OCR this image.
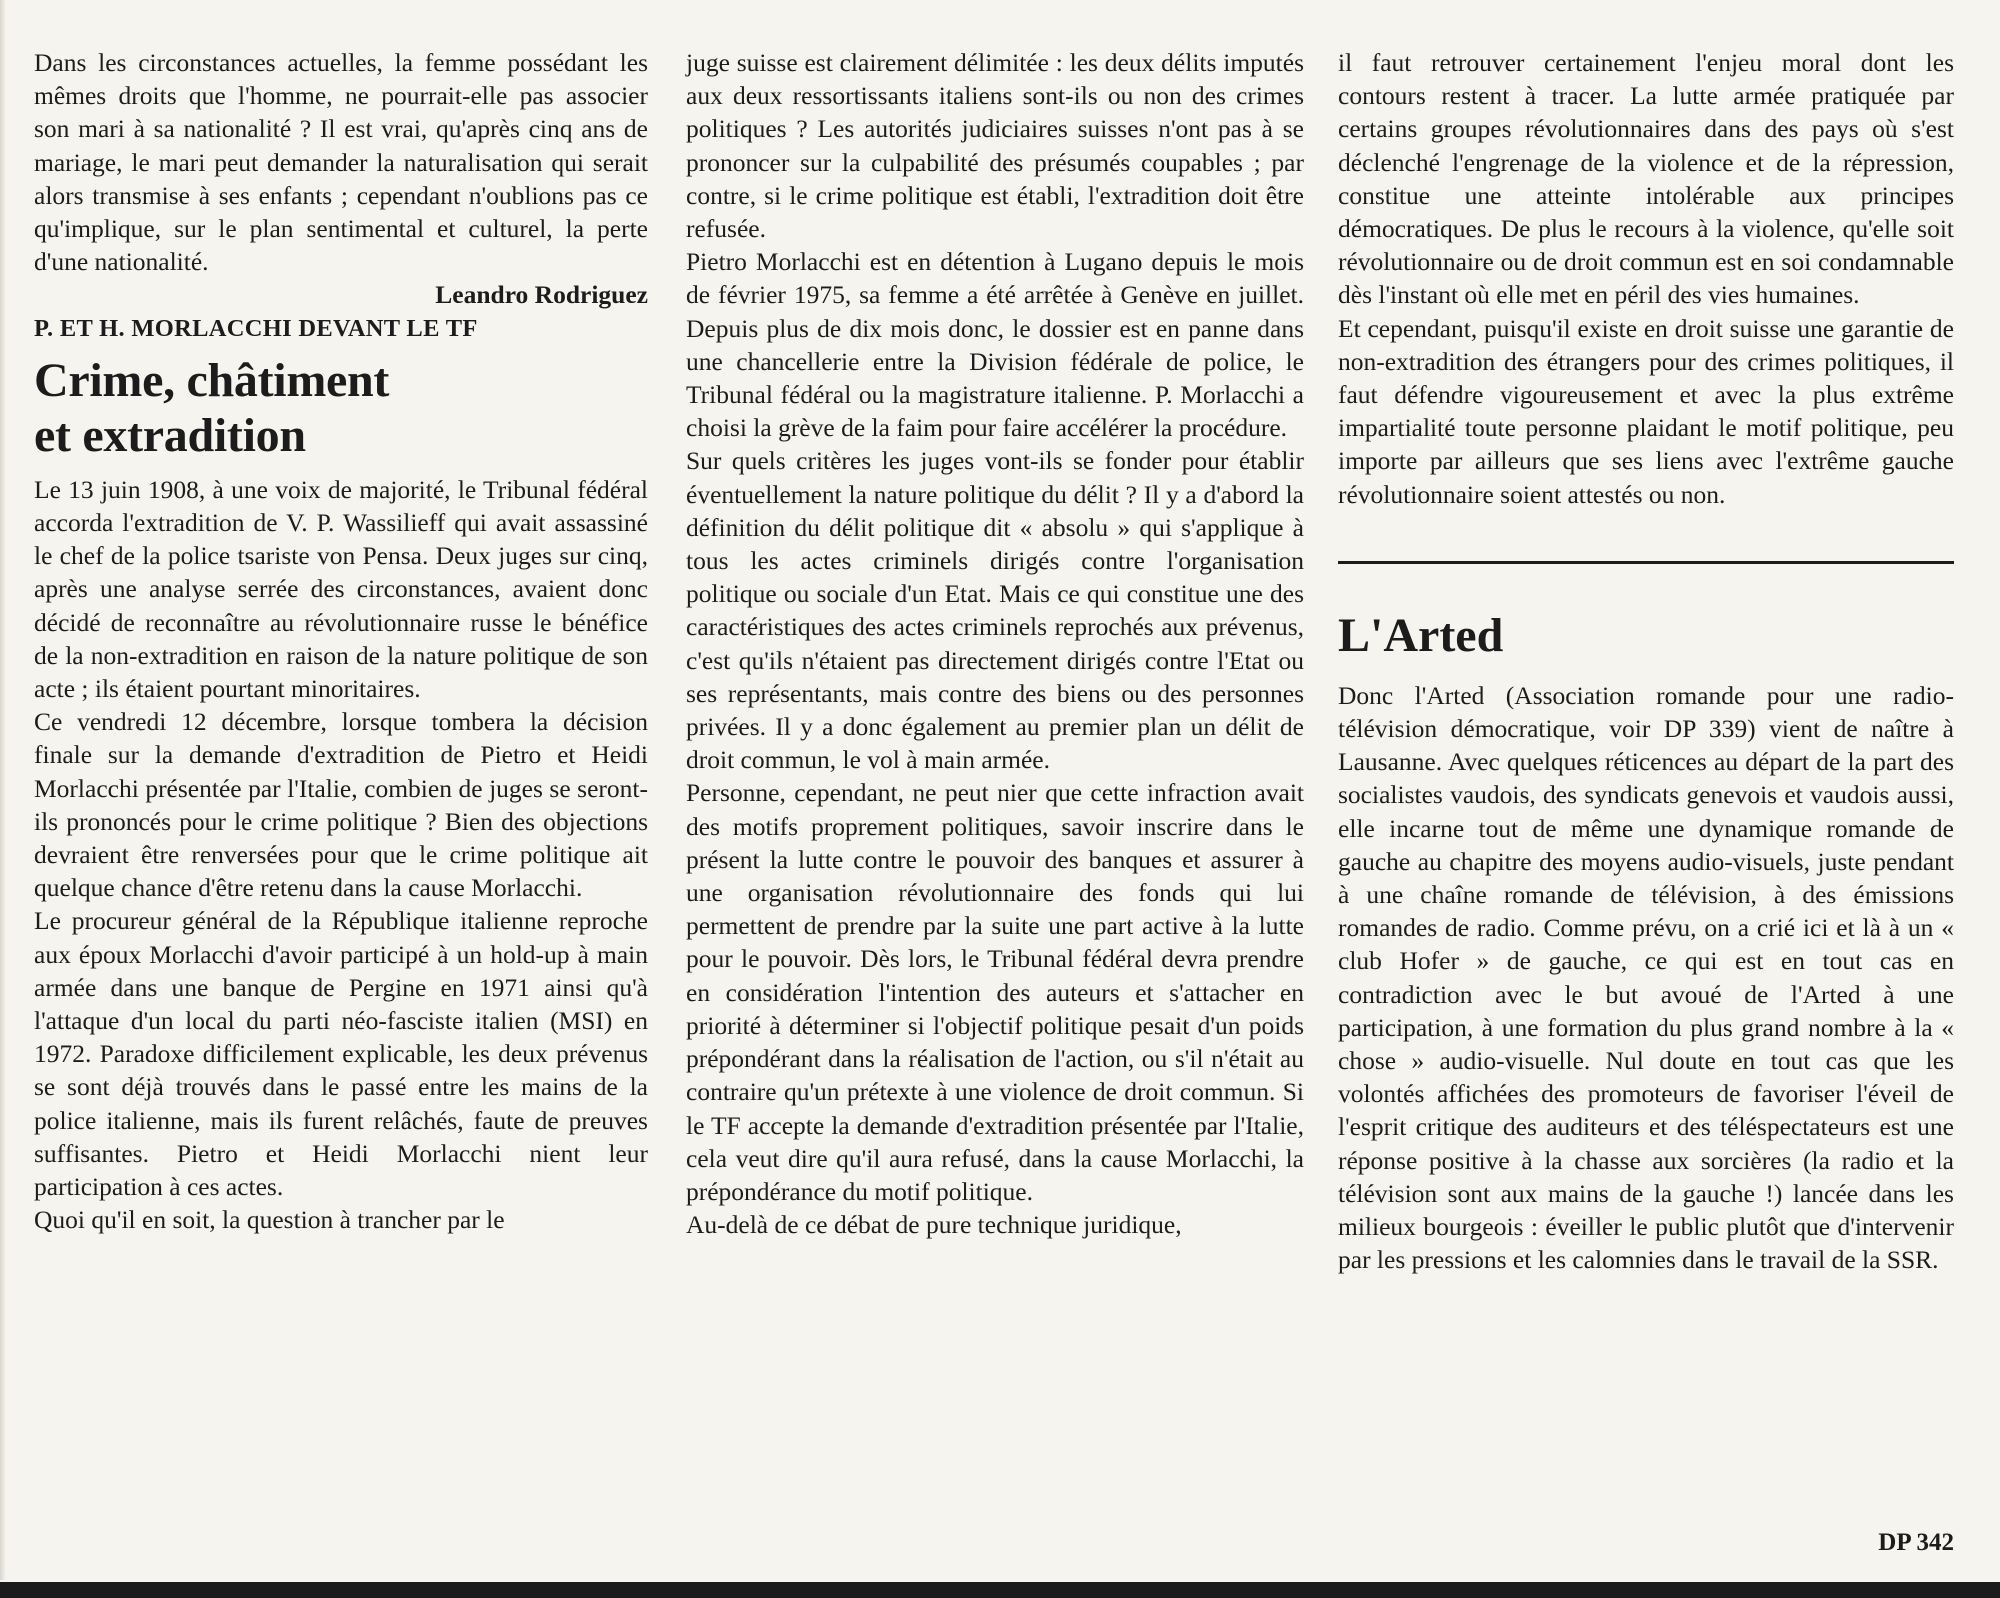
Dans les circonstances actuelles, la femme possédant les mêmes droits que l'homme, ne pourrait-elle pas associer son mari à sa nationalité ? Il est vrai, qu'après cinq ans de mariage, le mari peut demander la naturalisation qui serait alors transmise à ses enfants ; cependant n'oublions pas ce qu'implique, sur le plan sentimental et culturel, la perte d'une nationalité.

Leandro Rodriguez

P. ET H. MORLACCHI DEVANT LE TF

Crime, châtiment
et extradition

Le 13 juin 1908, à une voix de majorité, le Tribunal fédéral accorda l'extradition de V. P. Wassilieff qui avait assassiné le chef de la police tsariste von Pensa. Deux juges sur cinq, après une analyse serrée des circonstances, avaient donc décidé de reconnaître au révolutionnaire russe le bénéfice de la non-extradition en raison de la nature politique de son acte ; ils étaient pourtant minoritaires.

Ce vendredi 12 décembre, lorsque tombera la décision finale sur la demande d'extradition de Pietro et Heidi Morlacchi présentée par l'Italie, combien de juges se seront-ils prononcés pour le crime politique ? Bien des objections devraient être renversées pour que le crime politique ait quelque chance d'être retenu dans la cause Morlacchi.

Le procureur général de la République italienne reproche aux époux Morlacchi d'avoir participé à un hold-up à main armée dans une banque de Pergine en 1971 ainsi qu'à l'attaque d'un local du parti néo-fasciste italien (MSI) en 1972. Paradoxe difficilement explicable, les deux prévenus se sont déjà trouvés dans le passé entre les mains de la police italienne, mais ils furent relâchés, faute de preuves suffisantes. Pietro et Heidi Morlacchi nient leur participation à ces actes.

Quoi qu'il en soit, la question à trancher par le

juge suisse est clairement délimitée : les deux délits imputés aux deux ressortissants italiens sont-ils ou non des crimes politiques ? Les autorités judiciaires suisses n'ont pas à se prononcer sur la culpabilité des présumés coupables ; par contre, si le crime politique est établi, l'extradition doit être refusée.

Pietro Morlacchi est en détention à Lugano depuis le mois de février 1975, sa femme a été arrêtée à Genève en juillet. Depuis plus de dix mois donc, le dossier est en panne dans une chancellerie entre la Division fédérale de police, le Tribunal fédéral ou la magistrature italienne. P. Morlacchi a choisi la grève de la faim pour faire accélérer la procédure.

Sur quels critères les juges vont-ils se fonder pour établir éventuellement la nature politique du délit ? Il y a d'abord la définition du délit politique dit « absolu » qui s'applique à tous les actes criminels dirigés contre l'organisation politique ou sociale d'un Etat. Mais ce qui constitue une des caractéristiques des actes criminels reprochés aux prévenus, c'est qu'ils n'étaient pas directement dirigés contre l'Etat ou ses représentants, mais contre des biens ou des personnes privées. Il y a donc également au premier plan un délit de droit commun, le vol à main armée.

Personne, cependant, ne peut nier que cette infraction avait des motifs proprement politiques, savoir inscrire dans le présent la lutte contre le pouvoir des banques et assurer à une organisation révolutionnaire des fonds qui lui permettent de prendre par la suite une part active à la lutte pour le pouvoir. Dès lors, le Tribunal fédéral devra prendre en considération l'intention des auteurs et s'attacher en priorité à déterminer si l'objectif politique pesait d'un poids prépondérant dans la réalisation de l'action, ou s'il n'était au contraire qu'un prétexte à une violence de droit commun. Si le TF accepte la demande d'extradition présentée par l'Italie, cela veut dire qu'il aura refusé, dans la cause Morlacchi, la prépondérance du motif politique.

Au-delà de ce débat de pure technique juridique,

il faut retrouver certainement l'enjeu moral dont les contours restent à tracer. La lutte armée pratiquée par certains groupes révolutionnaires dans des pays où s'est déclenché l'engrenage de la violence et de la répression, constitue une atteinte intolérable aux principes démocratiques. De plus le recours à la violence, qu'elle soit révolutionnaire ou de droit commun est en soi condamnable dès l'instant où elle met en péril des vies humaines.

Et cependant, puisqu'il existe en droit suisse une garantie de non-extradition des étrangers pour des crimes politiques, il faut défendre vigoureusement et avec la plus extrême impartialité toute personne plaidant le motif politique, peu importe par ailleurs que ses liens avec l'extrême gauche révolutionnaire soient attestés ou non.

L'Arted

Donc l'Arted (Association romande pour une radio-télévision démocratique, voir DP 339) vient de naître à Lausanne. Avec quelques réticences au départ de la part des socialistes vaudois, des syndicats genevois et vaudois aussi, elle incarne tout de même une dynamique romande de gauche au chapitre des moyens audio-visuels, juste pendant à une chaîne romande de télévision, à des émissions romandes de radio. Comme prévu, on a crié ici et là à un « club Hofer » de gauche, ce qui est en tout cas en contradiction avec le but avoué de l'Arted à une participation, à une formation du plus grand nombre à la « chose » audio-visuelle. Nul doute en tout cas que les volontés affichées des promoteurs de favoriser l'éveil de l'esprit critique des auditeurs et des téléspectateurs est une réponse positive à la chasse aux sorcières (la radio et la télévision sont aux mains de la gauche !) lancée dans les milieux bourgeois : éveiller le public plutôt que d'intervenir par les pressions et les calomnies dans le travail de la SSR.

DP 342
